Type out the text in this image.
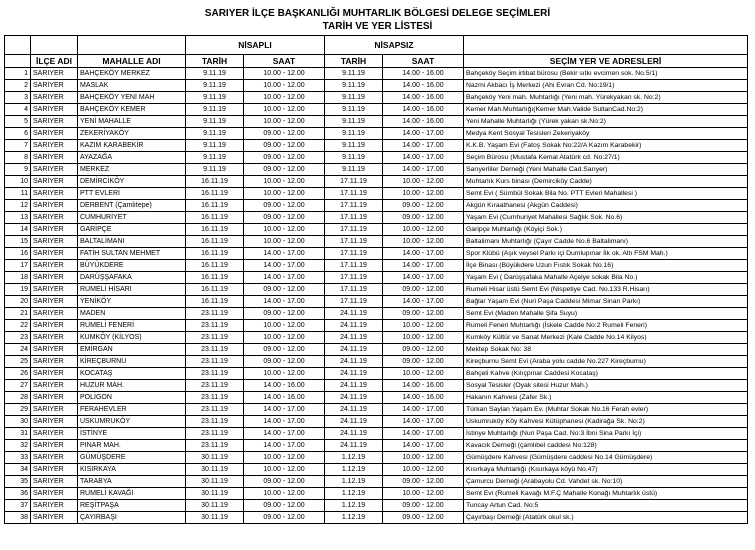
SARIYER İLÇE BAŞKANLIĞI MUHTARLIK BÖLGESİ DELEGE SEÇİMLERİ
TARİH VE YER LİSTESİ
			NİSAPLI		NİSAPSIZ		
	İLÇE ADI	MAHALLE ADI	TARİH	SAAT	TARİH	SAAT	SEÇİM YER VE ADRESLERİ
1	SARIYER	BAHÇEKÖY MERKEZ	9.11.19	10.00 - 12.00	9.11.19	14.00 - 16.00	Bahçeköy Seçim irtibat bürosu (Bekir sıtkı evcimen sok. No.5/1)
2	SARIYER	MASLAK	9.11.19	10.00 - 12.00	9.11.19	14.00 - 16.00	Nazmi Akbacı İş Merkezi (Ahi Evran Cd. No:19/1)
3	SARIYER	BAHÇEKÖY YENİ MAH	9.11.19	10.00 - 12.00	9.11.19	14.00 - 16.00	Bahçeköy Yeni mah. Muhtarlığı (Yeni mah. Yürekyakan sk. No:2)
4	SARIYER	BAHÇEKÖY KEMER	9.11.19	10.00 - 12.00	9.11.19	14.00 - 16.00	Kemer Mah.Muhtarlığı(Kemer Mah.Valide SultanCad.No:2)
5	SARIYER	YENİ MAHALLE	9.11.19	10.00 - 12.00	9.11.19	14.00 - 16.00	Yeni Mahalle Muhtarlığı (Yürek yakan sk.No:2)
6	SARIYER	ZEKERİYAKÖY	9.11.19	09.00 - 12.00	9.11.19	14.00 - 17.00	Medya Kent Sosyal Tesisleri Zekeriyaköy
7	SARIYER	KAZIM KARABEKİR	9.11.19	09.00 - 12.00	9.11.19	14.00 - 17.00	K.K.B. Yaşam Evi (Fatoş Sokak No:22/A Kazım Karabekir)
8	SARIYER	AYAZAĞA	9.11.19	09.00 - 12.00	9.11.19	14.00 - 17.00	Seçim Bürosu (Mustafa Kemal Atatürk cd. No:27/1)
9	SARIYER	MERKEZ	9.11.19	09.00 - 12.00	9.11.19	14.00 - 17.00	Sarıyerliler Derneği (Yeni Mahalle Cad.Sarıyer)
10	SARIYER	DEMİRCİKÖY	16.11.19	10.00 - 12.00	17.11.19	10.00 - 12.00	Muhtarlık Kurs binası (Demirciköy Cadde)
11	SARIYER	PTT EVLERİ	16.11.19	10.00 - 12.00	17.11.19	10.00 - 12.00	Semt Evi ( Sümbül Sokak Bila No. PTT Evleri Mahallesi )
12	SARIYER	DERBENT (Çamlıtepe)	16.11.19	09.00 - 12.00	17.11.19	09.00 - 12.00	Akgün Kıraathanesi (Akgün Caddesi)
13	SARIYER	CUMHURİYET	16.11.19	09.00 - 12.00	17.11.19	09.00 - 12.00	Yaşam Evi (Cumhuriyet Mahallesi Sağlık Sok. No.6)
14	SARIYER	GARİPÇE	16.11.19	10.00 - 12.00	17.11.19	10.00 - 12.00	Garipçe Muhtarlığı (Köyiçi Sok.)
15	SARIYER	BALTALİMANI	16.11.19	10.00 - 12.00	17.11.19	10.00 - 12.00	Baltalimanı Muhtarlığı (Çayır Cadde No.6 Baltalimanı)
16	SARIYER	FATİH SULTAN MEHMET	16.11.19	14.00 - 17.00	17.11.19	14.00 - 17.00	Spor Klübü (Aşık veysel Parkı içi Dumlupınar İlk ok. Altı FSM Mah.)
17	SARIYER	BÜYÜKDERE	16.11.19	14.00 - 17.00	17.11.19	14.00 - 17.00	İlçe Binası (Büyükdere Uzun Fıstık Sokak No.16)
18	SARIYER	DARÜŞŞAFAKA	16.11.19	14.00 - 17.00	17.11.19	14.00 - 17.00	Yaşam Evi ( Darüşşafaka Mahalle Açelye sokak Bila No.)
19	SARIYER	RUMELİ HİSARI	16.11.19	09.00 - 12.00	17.11.19	09.00 - 12.00	Rumeli Hisar üstü Semt Evi (Nispetiye Cad. No.133 R.Hisarı)
20	SARIYER	YENİKÖY	16.11.19	14.00 - 17.00	17.11.19	14.00 - 17.00	Bağlar Yaşam Evi (Nuri Paşa Caddesi Mimar Sinan Parkı)
21	SARIYER	MADEN	23.11.19	09.00 - 12.00	24.11.19	09.00 - 12.00	Semt Evi (Maden Mahalle Şifa Suyu)
22	SARIYER	RUMELİ FENERİ	23.11.19	10.00 - 12.00	24.11.19	10.00 - 12.00	Rumeli Feneri Muhtarlığı (İskele Cadde No:2 Rumeli Feneri)
23	SARIYER	KUMKÖY (KİLYOS)	23.11.19	10.00 - 12.00	24.11.19	10.00 - 12.00	Kumköy Kültür ve Sanat Merkezi (Kale Cadde No.14 Kilyos)
24	SARIYER	EMİRGAN	23.11.19	09.00 - 12.00	24.11.19	09.00 - 12.00	Mektep Sokak No: 38
25	SARIYER	KİREÇBURNU	23.11.19	09.00 - 12.00	24.11.19	09.00 - 12.00	Kireçburnu Semt Evi (Araba yolu cadde No.227 Kireçburnu)
26	SARIYER	KOCATAŞ	23.11.19	10.00 - 12.00	24.11.19	10.00 - 12.00	Bahçeli Kahve (Kılıçpınar Caddesi Kocataş)
27	SARIYER	HUZUR MAH.	23.11.19	14.00 - 16.00	24.11.19	14.00 - 16.00	Sosyal Tesisler (Oyak sitesi Huzur Mah.)
28	SARIYER	POLİGON	23.11.19	14.00 - 16.00	24.11.19	14.00 - 16.00	Hakanın Kahvesi (Zafer Sk.)
29	SARIYER	FERAHEVLER	23.11.19	14.00 - 17.00	24.11.19	14.00 - 17.00	Türkan Saylan Yaşam Ev. (Muhtar Sokak No.16 Ferah evler)
30	SARIYER	USKUMRUKÖY	23.11.19	14.00 - 17.00	24.11.19	14.00 - 17.00	Uskumruköy Köy Kahvesi Kütüphanesi (Kadirağa Sk. No:2)
31	SARIYER	İSTİNYE	23.11.19	14.00 - 17.00	24.11.19	14.00 - 17.00	İstinye Muhtarlığı (Nuri Paşa Cad. No:3 İbni Sina Parkı İçi)
32	SARIYER	PINAR MAH.	23.11.19	14.00 - 17.00	24.11.19	14.00 - 17.00	Kavacık Derneği (çamlıbel caddesi No:128)
33	SARIYER	GÜMÜŞDERE	30.11.19	10.00 - 12.00	1.12.19	10.00 - 12.00	Gümüşdere Kahvesi (Gümüşdere caddesi No.14 Gümüşdere)
34	SARIYER	KISIRKAYA	30.11.19	10.00 - 12.00	1.12.19	10.00 - 12.00	Kısırkaya Muhtarlığı (Kısırkaya köyü No.47)
35	SARIYER	TARABYA	30.11.19	09.00 - 12.00	1.12.19	09.00 - 12.00	Çamurcu Derneği (Arabayolu Cd. Vahdet sk. No:10)
36	SARIYER	RUMELİ KAVAĞI	30.11.19	10.00 - 12.00	1.12.19	10.00 - 12.00	Semt Evi (Rumeli Kavağı M.F.Ç Mahalle Konağı Muhtarlık üstü)
37	SARIYER	REŞİTPAŞA	30.11.19	09.00 - 12.00	1.12.19	09.00 - 12.00	Tuncay Artun Cad. No:5
38	SARIYER	ÇAYIRBAŞI	30.11.19	09.00 - 12.00	1.12.19	09.00 - 12.00	Çayırbaşı Derneği (Atatürk okul sk.)
